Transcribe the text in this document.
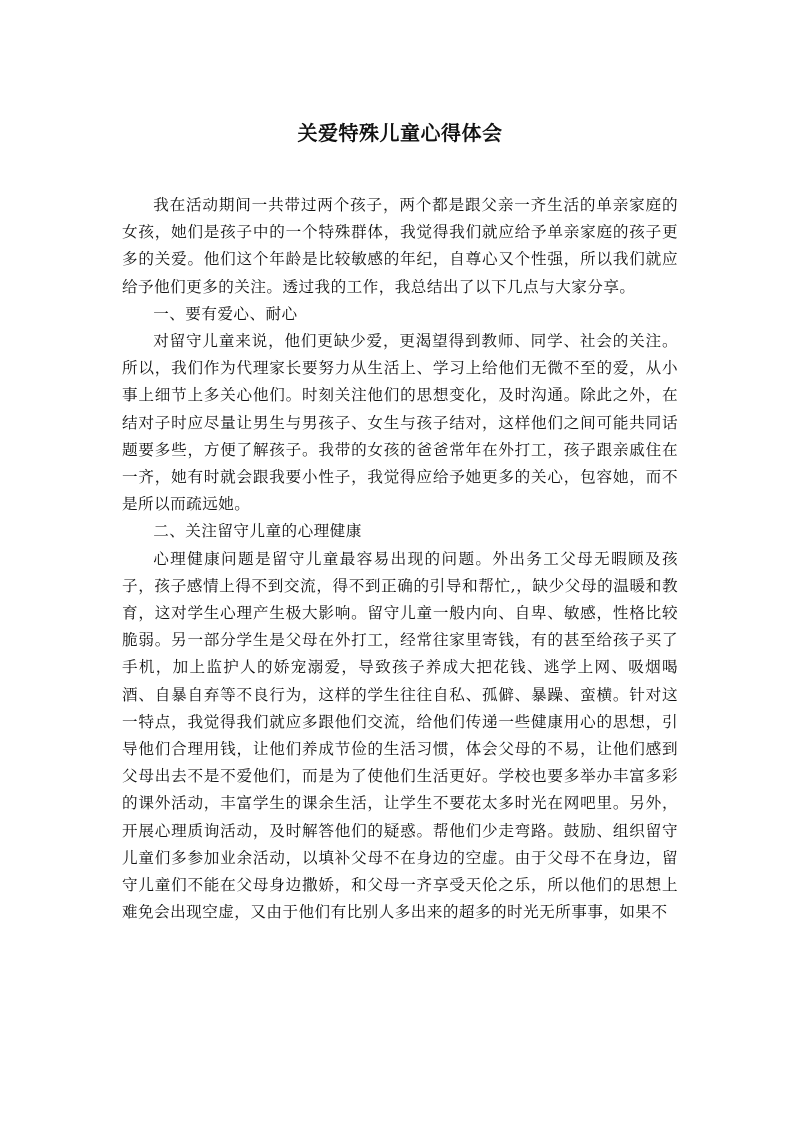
关爱特殊儿童心得体会

我在活动期间一共带过两个孩子，两个都是跟父亲一齐生活的单亲家庭的女孩，她们是孩子中的一个特殊群体，我觉得我们就应给予单亲家庭的孩子更多的关爱。他们这个年龄是比较敏感的年纪，自尊心又个性强，所以我们就应给予他们更多的关注。透过我的工作，我总结出了以下几点与大家分享。

一、要有爱心、耐心

对留守儿童来说，他们更缺少爱，更渴望得到教师、同学、社会的关注。所以，我们作为代理家长要努力从生活上、学习上给他们无微不至的爱，从小事上细节上多关心他们。时刻关注他们的思想变化，及时沟通。除此之外，在结对子时应尽量让男生与男孩子、女生与孩子结对，这样他们之间可能共同话题要多些，方便了解孩子。我带的女孩的爸爸常年在外打工，孩子跟亲戚住在一齐，她有时就会跟我要小性子，我觉得应给予她更多的关心，包容她，而不是所以而疏远她。

二、关注留守儿童的心理健康

心理健康问题是留守儿童最容易出现的问题。外出务工父母无暇顾及孩子，孩子感情上得不到交流，得不到正确的引导和帮忙,，缺少父母的温暖和教育，这对学生心理产生极大影响。留守儿童一般内向、自卑、敏感，性格比较脆弱。另一部分学生是父母在外打工，经常往家里寄钱，有的甚至给孩子买了手机，加上监护人的娇宠溺爱，导致孩子养成大把花钱、逃学上网、吸烟喝酒、自暴自弃等不良行为，这样的学生往往自私、孤僻、暴躁、蛮横。针对这一特点，我觉得我们就应多跟他们交流，给他们传递一些健康用心的思想，引导他们合理用钱，让他们养成节俭的生活习惯，体会父母的不易，让他们感到父母出去不是不爱他们，而是为了使他们生活更好。学校也要多举办丰富多彩的课外活动，丰富学生的课余生活，让学生不要花太多时光在网吧里。另外，开展心理质询活动，及时解答他们的疑惑。帮他们少走弯路。鼓励、组织留守儿童们多参加业余活动，以填补父母不在身边的空虚。由于父母不在身边，留守儿童们不能在父母身边撒娇，和父母一齐享受天伦之乐，所以他们的思想上难免会出现空虚，又由于他们有比别人多出来的超多的时光无所事事，如果不
